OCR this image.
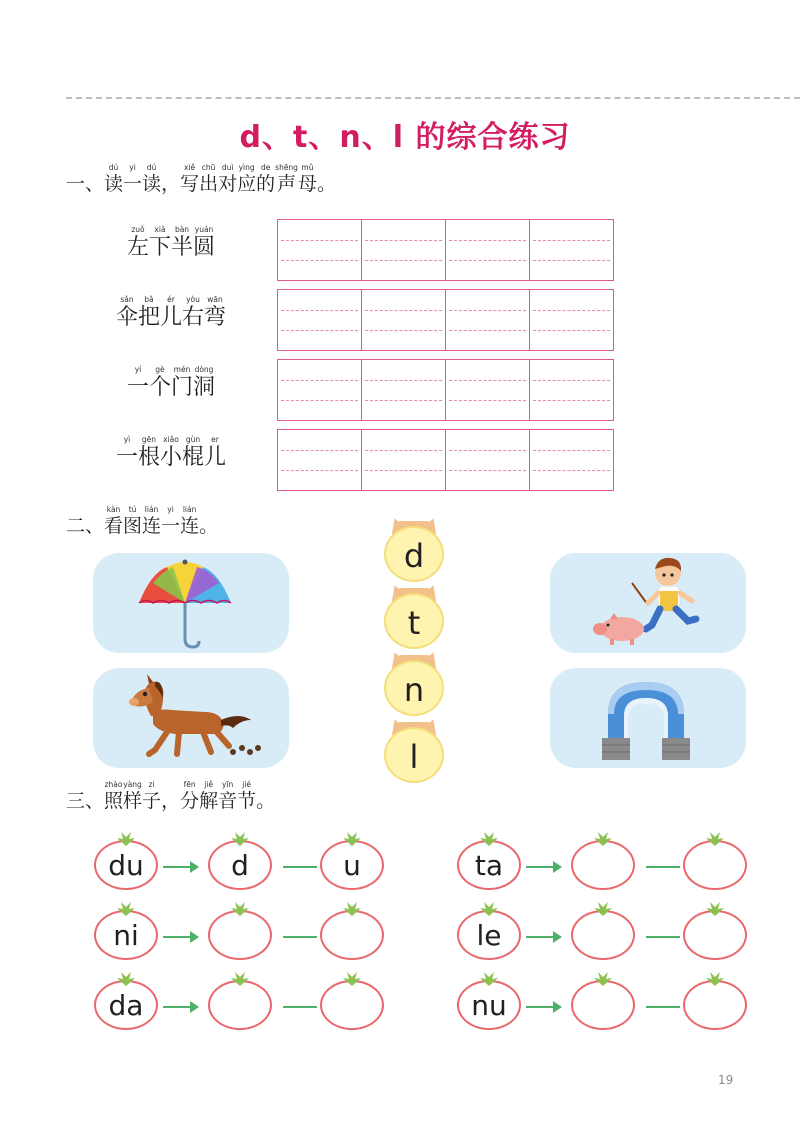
d、t、n、l 的综合练习
一、
dú
读
yi
一
dú
读 ，
xiě
写
chū
出
duì
对
yìng
应
de
的
shēng
声
mǔ
母 。
zuǒ
左
xià
下
bàn
半
yuán
圆
sǎn
伞
bǎ
把
ér
儿
yòu
右
wān
弯
yí
一
gè
个
mén
门
dòng
洞
yì
一
gēn
根
xiǎo
小
gùn
棍
er
儿
二、
kàn
看
tú
图
lián
连
yi
一
lián
连 。
d
t
n
l
三、
zhào
照
yàng
样
zi
子 ，
fēn
分
jiě
解
yīn
音
jié
节 。
du	d	u
ni
da
ta
le
nu
19
